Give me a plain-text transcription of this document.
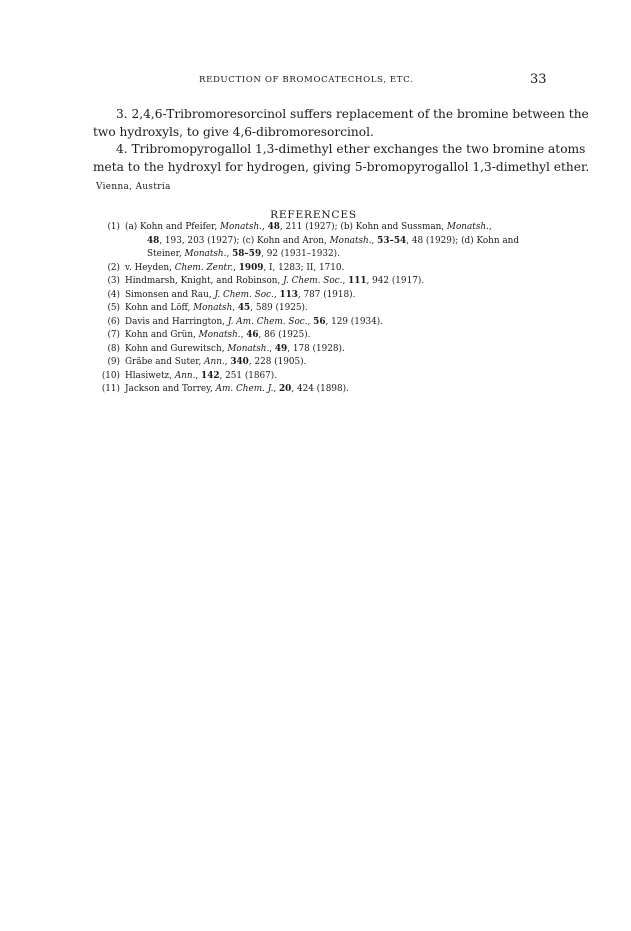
REDUCTION OF BROMOCATECHOLS, ETC.	33

3. 2,4,6-Tribromoresorcinol suffers replacement of the bromine between the
two hydroxyls, to give 4,6-dibromoresorcinol.

4. Tribromopyrogallol 1,3-dimethyl ether exchanges the two bromine atoms
meta to the hydroxyl for hydrogen, giving 5-bromopyrogallol 1,3-dimethyl ether.

Vienna, Austria
REFERENCES
(1) (a) Kohn and Pfeifer, Monatsh., 48, 211 (1927); (b) Kohn and Sussman, Monatsh.,
48, 193, 203 (1927); (c) Kohn and Aron, Monatsh., 53–54, 48 (1929); (d) Kohn and
Steiner, Monatsh., 58–59, 92 (1931–1932).
(2) v. Heyden, Chem. Zentr., 1909, I, 1283; II, 1710.
(3) Hindmarsh, Knight, and Robinson, J. Chem. Soc., 111, 942 (1917).
(4) Simonsen and Rau, J. Chem. Soc., 113, 787 (1918).
(5) Kohn and Löff, Monatsh, 45, 589 (1925).
(6) Davis and Harrington, J. Am. Chem. Soc., 56, 129 (1934).
(7) Kohn and Grün, Monatsh., 46, 86 (1925).
(8) Kohn and Gurewitsch, Monatsh., 49, 178 (1928).
(9) Gräbe and Suter, Ann., 340, 228 (1905).
(10) Hlasiwetz, Ann., 142, 251 (1867).
(11) Jackson and Torrey, Am. Chem. J., 20, 424 (1898).
